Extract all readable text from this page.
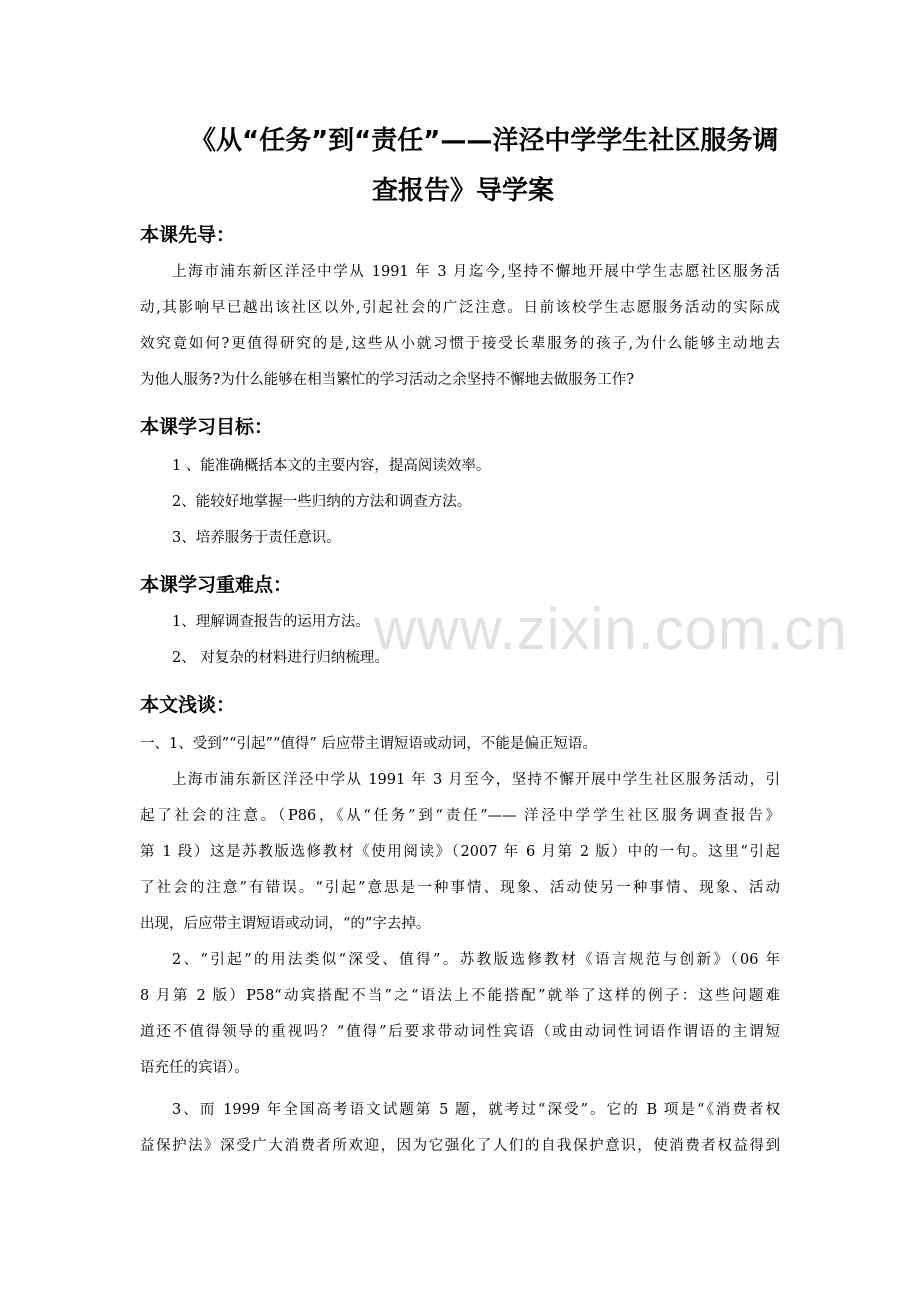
www.zixin.com.cn
《从“任务”到“责任”——洋泾中学学生社区服务调
查报告》导学案
本课先导：
上海市浦东新区洋泾中学从 1991 年 3 月迄今,坚持不懈地开展中学生志愿社区服务活
动,其影响早已越出该社区以外,引起社会的广泛注意。日前该校学生志愿服务活动的实际成
效究竟如何?更值得研究的是,这些从小就习惯于接受长辈服务的孩子,为什么能够主动地去
为他人服务?为什么能够在相当繁忙的学习活动之余坚持不懈地去做服务工作?
本课学习目标：
1 、能准确概括本文的主要内容，提高阅读效率。
2、能较好地掌握一些归纳的方法和调查方法。
3、培养服务于责任意识。
本课学习重难点：
1、理解调查报告的运用方法。
2、 对复杂的材料进行归纳梳理。
本文浅谈：
一、1、受到”“引起”“值得” 后应带主谓短语或动词，不能是偏正短语。
上海市浦东新区洋泾中学从 1991 年 3 月至今，坚持不懈开展中学生社区服务活动，引
起了社会的注意。（P86，《从“任务”到“责任”—— 洋泾中学学生社区服务调查报告》
第 1 段）这是苏教版选修教材《使用阅读》（2007 年 6 月第 2 版）中的一句。这里“引起
了社会的注意”有错误。“引起”意思是一种事情、现象、活动使另一种事情、现象、活动
出现，后应带主谓短语或动词，“的”字去掉。
2、“引起”的用法类似“深受、值得”。苏教版选修教材《语言规范与创新》（06 年
8 月第 2 版）P58“动宾搭配不当”之“语法上不能搭配”就举了这样的例子：这些问题难
道还不值得领导的重视吗？“值得”后要求带动词性宾语（或由动词性词语作谓语的主谓短
语充任的宾语）。
3、而 1999 年全国高考语文试题第 5 题，就考过“深受”。它的 B 项是“《消费者权
益保护法》深受广大消费者所欢迎，因为它强化了人们的自我保护意识，使消费者权益得到
